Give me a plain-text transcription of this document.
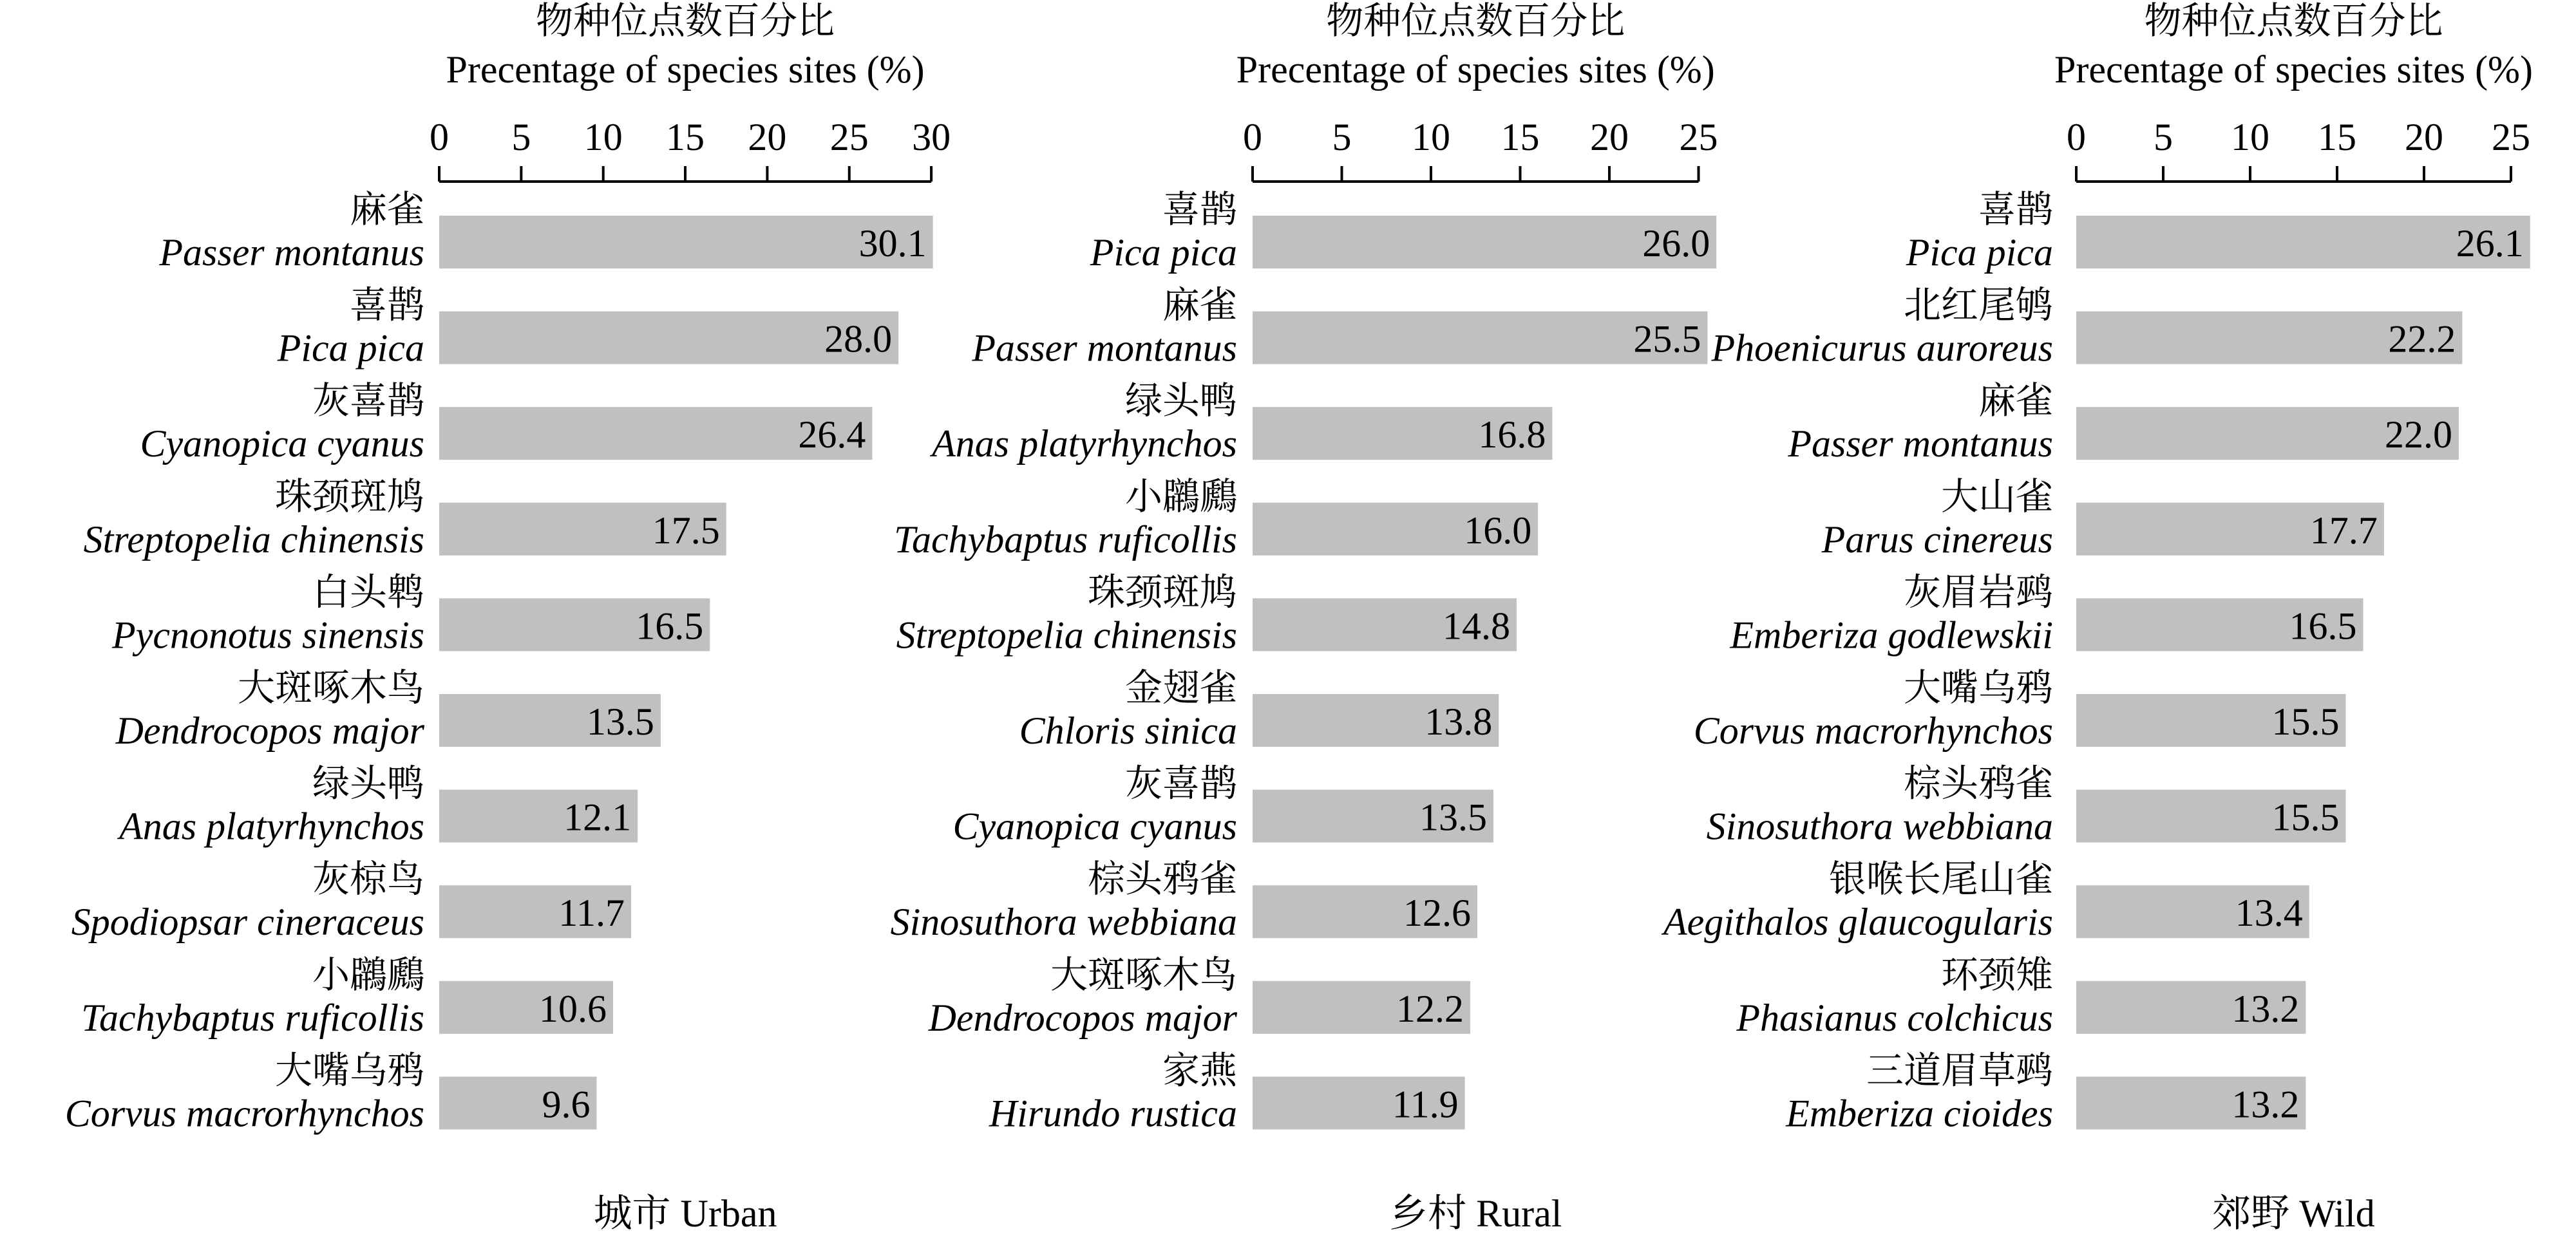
物种位点数百分比
Precentage of species sites (%)
0 5 10 15 20 25 30
30.1
麻雀
Passer montanus
28.0
喜鹊
Pica pica
26.4
灰喜鹊
Cyanopica cyanus
17.5
珠颈斑鸠
Streptopelia chinensis
16.5
白头鹎
Pycnonotus sinensis
13.5
大斑啄木鸟
Dendrocopos major
12.1
绿头鸭
Anas platyrhynchos
11.7
灰椋鸟
Spodiopsar cineraceus
10.6
小鸊鷉
Tachybaptus ruficollis
9.6
大嘴乌鸦
Corvus macrorhynchos
城市 Urban
物种位点数百分比
Precentage of species sites (%)
0 5 10 15 20 25
26.0
喜鹊
Pica pica
25.5
麻雀
Passer montanus
16.8
绿头鸭
Anas platyrhynchos
16.0
小鸊鷉
Tachybaptus ruficollis
14.8
珠颈斑鸠
Streptopelia chinensis
13.8
金翅雀
Chloris sinica
13.5
灰喜鹊
Cyanopica cyanus
12.6
棕头鸦雀
Sinosuthora webbiana
12.2
大斑啄木鸟
Dendrocopos major
11.9
家燕
Hirundo rustica
乡村 Rural
物种位点数百分比
Precentage of species sites (%)
0 5 10 15 20 25
26.1
喜鹊
Pica pica
22.2
北红尾鸲
Phoenicurus auroreus
22.0
麻雀
Passer montanus
17.7
大山雀
Parus cinereus
16.5
灰眉岩鹀
Emberiza godlewskii
15.5
大嘴乌鸦
Corvus macrorhynchos
15.5
棕头鸦雀
Sinosuthora webbiana
13.4
银喉长尾山雀
Aegithalos glaucogularis
13.2
环颈雉
Phasianus colchicus
13.2
三道眉草鹀
Emberiza cioides
郊野 Wild
